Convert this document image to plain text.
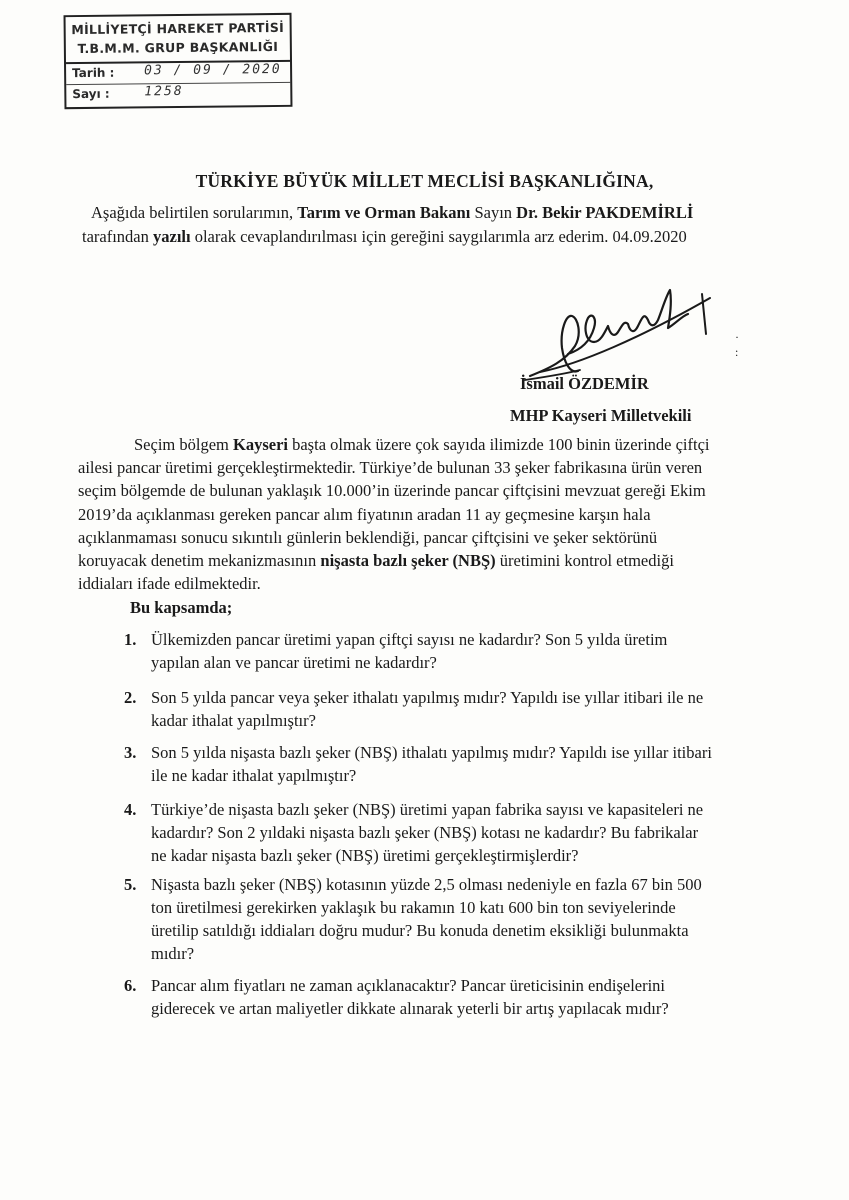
MİLLİYETÇİ HAREKET PARTİSİ
T.B.M.M. GRUP BAŞKANLIĞI
Tarih : 03 / 09 / 2020
Sayı :	1258
TÜRKİYE BÜYÜK MİLLET MECLİSİ BAŞKANLIĞINA,
Aşağıda belirtilen sorularımın, Tarım ve Orman Bakanı Sayın Dr. Bekir PAKDEMİRLİ
tarafından yazılı olarak cevaplandırılması için gereğini saygılarımla arz ederim. 04.09.2020
·
:
İsmail ÖZDEMİR
MHP Kayseri Milletvekili
Seçim bölgem Kayseri başta olmak üzere çok sayıda ilimizde 100 binin üzerinde çiftçi
ailesi pancar üretimi gerçekleştirmektedir. Türkiye’de bulunan 33 şeker fabrikasına ürün veren
seçim bölgemde de bulunan yaklaşık 10.000’in üzerinde pancar çiftçisini mevzuat gereği Ekim
2019’da açıklanması gereken pancar alım fiyatının aradan 11 ay geçmesine karşın hala
açıklanmaması sonucu sıkıntılı günlerin beklendiği, pancar çiftçisini ve şeker sektörünü
koruyacak denetim mekanizmasının nişasta bazlı şeker (NBŞ) üretimini kontrol etmediği
iddiaları ifade edilmektedir.
Bu kapsamda;
1. Ülkemizden pancar üretimi yapan çiftçi sayısı ne kadardır? Son 5 yılda üretim
yapılan alan ve pancar üretimi ne kadardır?
2. Son 5 yılda pancar veya şeker ithalatı yapılmış mıdır? Yapıldı ise yıllar itibari ile ne
kadar ithalat yapılmıştır?
3. Son 5 yılda nişasta bazlı şeker (NBŞ) ithalatı yapılmış mıdır? Yapıldı ise yıllar itibari
ile ne kadar ithalat yapılmıştır?
4. Türkiye’de nişasta bazlı şeker (NBŞ) üretimi yapan fabrika sayısı ve kapasiteleri ne
kadardır? Son 2 yıldaki nişasta bazlı şeker (NBŞ) kotası ne kadardır? Bu fabrikalar
ne kadar nişasta bazlı şeker (NBŞ) üretimi gerçekleştirmişlerdir?
5. Nişasta bazlı şeker (NBŞ) kotasının yüzde 2,5 olması nedeniyle en fazla 67 bin 500
ton üretilmesi gerekirken yaklaşık bu rakamın 10 katı 600 bin ton seviyelerinde
üretilip satıldığı iddiaları doğru mudur? Bu konuda denetim eksikliği bulunmakta
mıdır?
6. Pancar alım fiyatları ne zaman açıklanacaktır? Pancar üreticisinin endişelerini
giderecek ve artan maliyetler dikkate alınarak yeterli bir artış yapılacak mıdır?
